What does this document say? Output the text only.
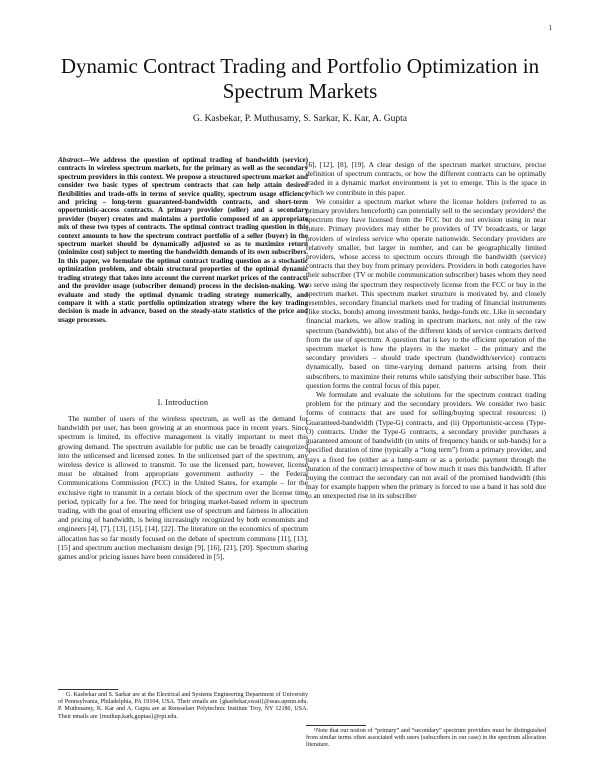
1
Dynamic Contract Trading and Portfolio Optimization in Spectrum Markets
G. Kasbekar, P. Muthusamy, S. Sarkar, K. Kar, A. Gupta

Abstract—We address the question of optimal trading of bandwidth (service) contracts in wireless spectrum markets, for the primary as well as the secondary spectrum providers in this context. We propose a structured spectrum market and consider two basic types of spectrum contracts that can help attain desired flexibilities and trade-offs in terms of service quality, spectrum usage efficiency and pricing – long-term guaranteed-bandwidth contracts, and short-term opportunistic-access contracts. A primary provider (seller) and a secondary provider (buyer) creates and maintains a portfolio composed of an appropriate mix of these two types of contracts. The optimal contract trading question in this context amounts to how the spectrum contract portfolio of a seller (buyer) in the spectrum market should be dynamically adjusted so as to maximize return (minimize cost) subject to meeting the bandwidth demands of its own subscribers. In this paper, we formulate the optimal contract trading question as a stochastic optimization problem, and obtain structural properties of the optimal dynamic trading strategy that takes into account the current market prices of the contracts and the provider usage (subscriber demand) process in the decision-making. We evaluate and study the optimal dynamic trading strategy numerically, and compare it with a static portfolio optimization strategy where the key trading decision is made in advance, based on the steady-state statistics of the price and usage processes.

I. Introduction

The number of users of the wireless spectrum, as well as the demand for bandwidth per user, has been growing at an enormous pace in recent years. Since spectrum is limited, its effective management is vitally important to meet this growing demand. The spectrum available for public use can be broadly categorized into the unlicensed and licensed zones. In the unlicensed part of the spectrum, any wireless device is allowed to transmit. To use the licensed part, however, license must be obtained from appropriate government authority – the Federal Communications Commission (FCC) in the United States, for example – for the exclusive right to transmit in a certain block of the spectrum over the license time period, typically for a fee. The need for bringing market-based reform in spectrum trading, with the goal of ensuring efficient use of spectrum and fairness in allocation and pricing of bandwidth, is being increasingly recognized by both economists and engineers [4], [7], [13], [15], [14], [22]. The literature on the economics of spectrum allocation has so far mostly focused on the debate of spectrum commons [11], [13], [15] and spectrum auction mechanism design [9], [16], [21], [20]. Spectrum sharing games and/or pricing issues have been considered in [5],

G. Kasbekar and S. Sarkar are at the Electrical and Systems Engineering Department of University of Pennsylvania, Philadelphia, PA 19104, USA. Their emails are {gkasbekar,swati}@seas.upenn.edu. P. Muthusamy, K. Kar and A. Gupta are at Rensselaer Polytechnic Institute Troy, NY 12180, USA. Their emails are {muthup,kark,guptaa}@rpi.edu.

[6], [12], [8], [19]. A clear design of the spectrum market structure, precise definition of spectrum contracts, or how the different contracts can be optimally traded in a dynamic market environment is yet to emerge. This is the space in which we contribute in this paper.

We consider a spectrum market where the license holders (referred to as primary providers henceforth) can potentially sell to the secondary providers¹ the spectrum they have licensed from the FCC but do not envision using in near future. Primary providers may either be providers of TV broadcasts, or large providers of wireless service who operate nationwide. Secondary providers are relatively smaller, but larger in number, and can be geographically limited providers, whose access to spectrum occurs through the bandwidth (service) contracts that they buy from primary providers. Providers in both categories have their subscriber (TV or mobile communication subscriber) bases whom they need to serve using the spectrum they respectively license from the FCC or buy in the spectrum market. This spectrum market structure is motivated by, and closely resembles, secondary financial markets used for trading of financial instruments (like stocks, bonds) among investment banks, hedge-funds etc. Like in secondary financial markets, we allow trading in spectrum markets, not only of the raw spectrum (bandwidth), but also of the different kinds of service contracts derived from the use of spectrum. A question that is key to the efficient operation of the spectrum market is how the players in the market – the primary and the secondary providers – should trade spectrum (bandwidth/service) contracts dynamically, based on time-varying demand patterns arising from their subscribers, to maximize their returns while satisfying their subscriber base. This question forms the central focus of this paper.

We formulate and evaluate the solutions for the spectrum contract trading problem for the primary and the secondary providers. We consider two basic forms of contracts that are used for selling/buying spectral resources: i) Guaranteed-bandwidth (Type-G) contracts, and (ii) Opportunistic-access (Type-O) contracts. Under the Type-G contracts, a secondary provider purchases a guaranteed amount of bandwidth (in units of frequency bands or sub-bands) for a specified duration of time (typically a “long term”) from a primary provider, and pays a fixed fee (either as a lump-sum or as a periodic payment through the duration of the contract) irrespective of how much it uses this bandwidth. If after buying the contract the secondary can not avail of the promised bandwidth (this may for example happen when the primary is forced to use a band it has sold due to an unexpected rise in its subscriber

¹Note that our notion of “primary” and “secondary” spectrum providers must be distinguished from similar terms often associated with users (subscribers in our case) in the spectrum allocation literature.
